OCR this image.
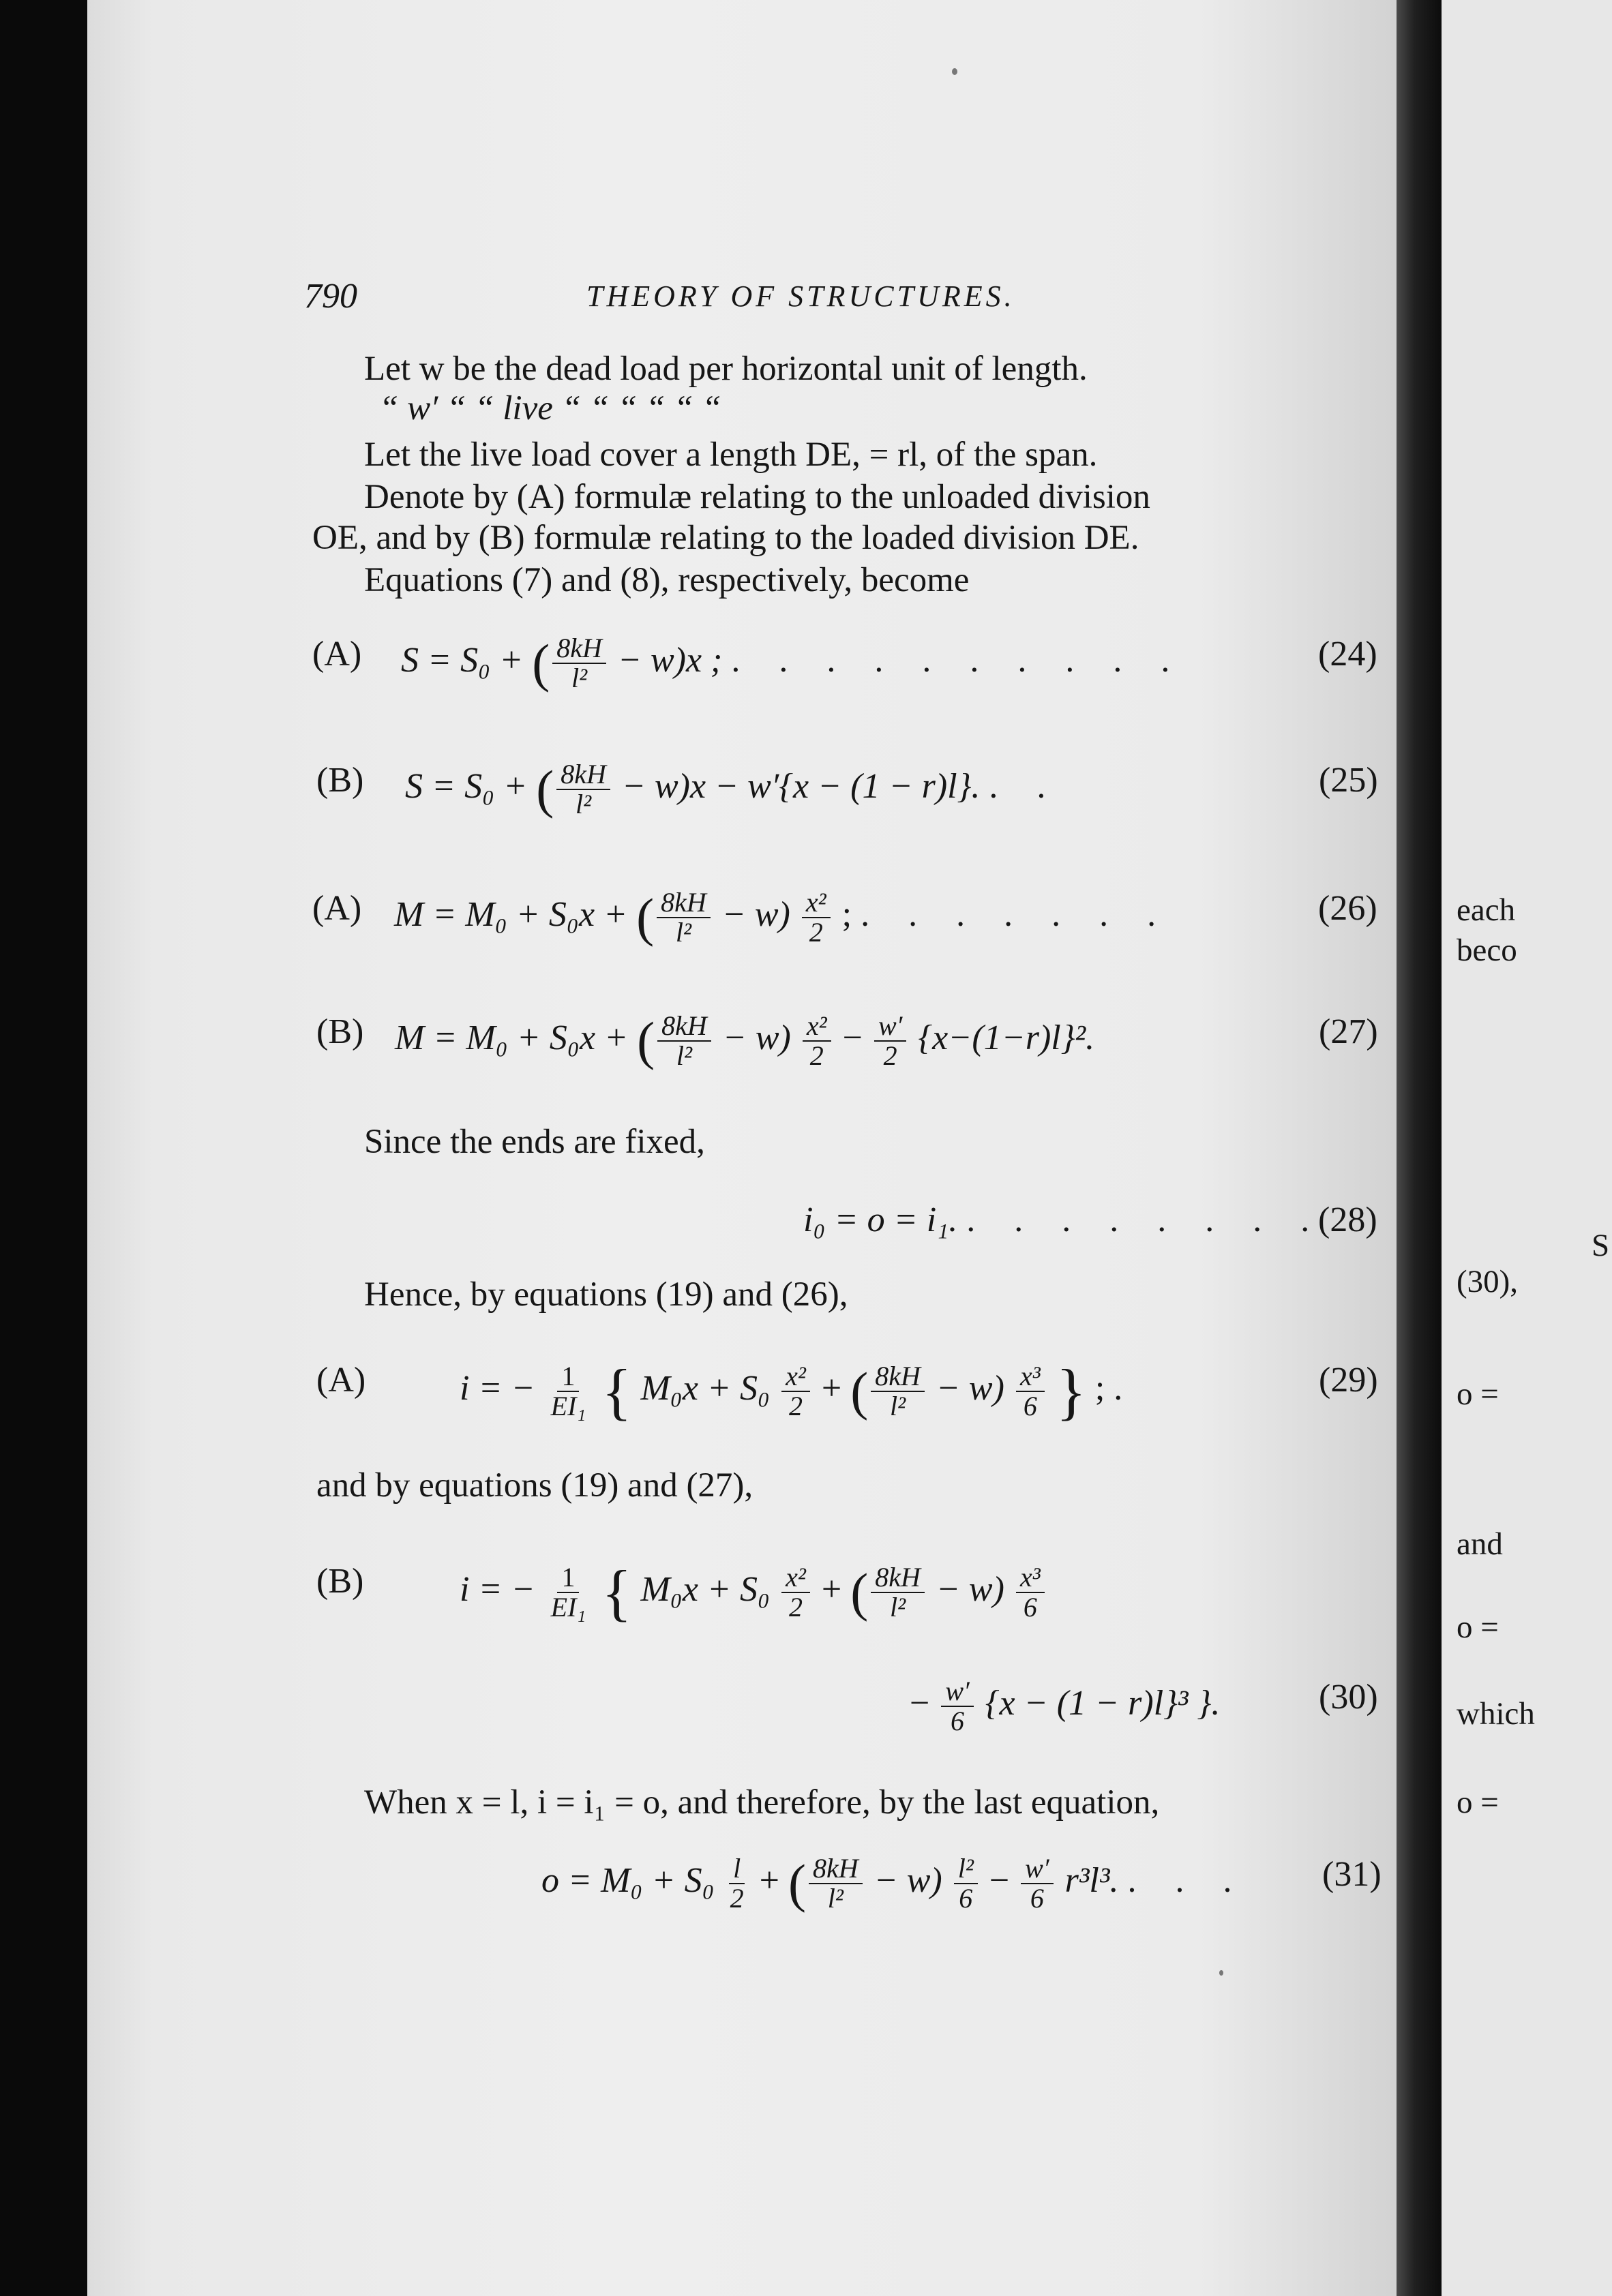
790	THEORY OF STRUCTURES.
Let w be the dead load per horizontal unit of length.
“ w′ “ “ live “ “ “ “ “ “
Let the live load cover a length DE, = rl, of the span.
Denote by (A) formulæ relating to the unloaded division
OE, and by (B) formulæ relating to the loaded division DE.
Equations (7) and (8), respectively, become
(A) S = S₀ + ( $\frac{8kH}{\text{l²}} - w)x$ ; . . . . . . . . . .	(24)
(B) S = S₀ + ( $\frac{8kH}{\text{l²}} - w)x - w'\{x - (1 - r)l\}$. . .	(25)
(A) M = M₀ + S₀x + ( $\frac{8kH}{\text{l²}} - w) \frac{\text{x²}}{2}$ ; . . . . . . .	(26)
(B) M = M₀ + S₀x + ( $\frac{8kH}{\text{l²}} - w) \frac{\text{x²}}{2} - \frac{w'}{2} \{x-(1-r)l\}^2$.	(27)
Since the ends are fixed,
i₀ = o = i₁. . . . . . . . .
(28)
Hence, by equations (19) and (26),
(A)	i = − $\frac{1}{\text{EI₁}}$ { $M_0x + S_0 \frac{\text{x²}}{2}$ + ( $\frac{8kH}{\text{l²}} - w) \frac{\text{x³}}{6}$ } ; .	(29)
and by equations (19) and (27),
(B)	i = − $\frac{1}{\text{EI₁}}$ { $M_0x + S_0 \frac{\text{x²}}{2}$ + ( $\frac{8kH}{\text{l²}} - w) \frac{\text{x³}}{6}$
− $\frac{w'}{6} \{x - (1 - r)l\}^3$ }.	(30)
When x = l, i = i₁ = o, and therefore, by the last equation,
$o = M_0 + S_0 \frac{l}{2}$ + ( $\frac{8kH}{\text{l²}} - w) \frac{\text{l²}}{6} - \frac{w'}{6} r^3l^3$. . . . (31)
each
beco
S
(30),
o =
and
o =
which
o =
